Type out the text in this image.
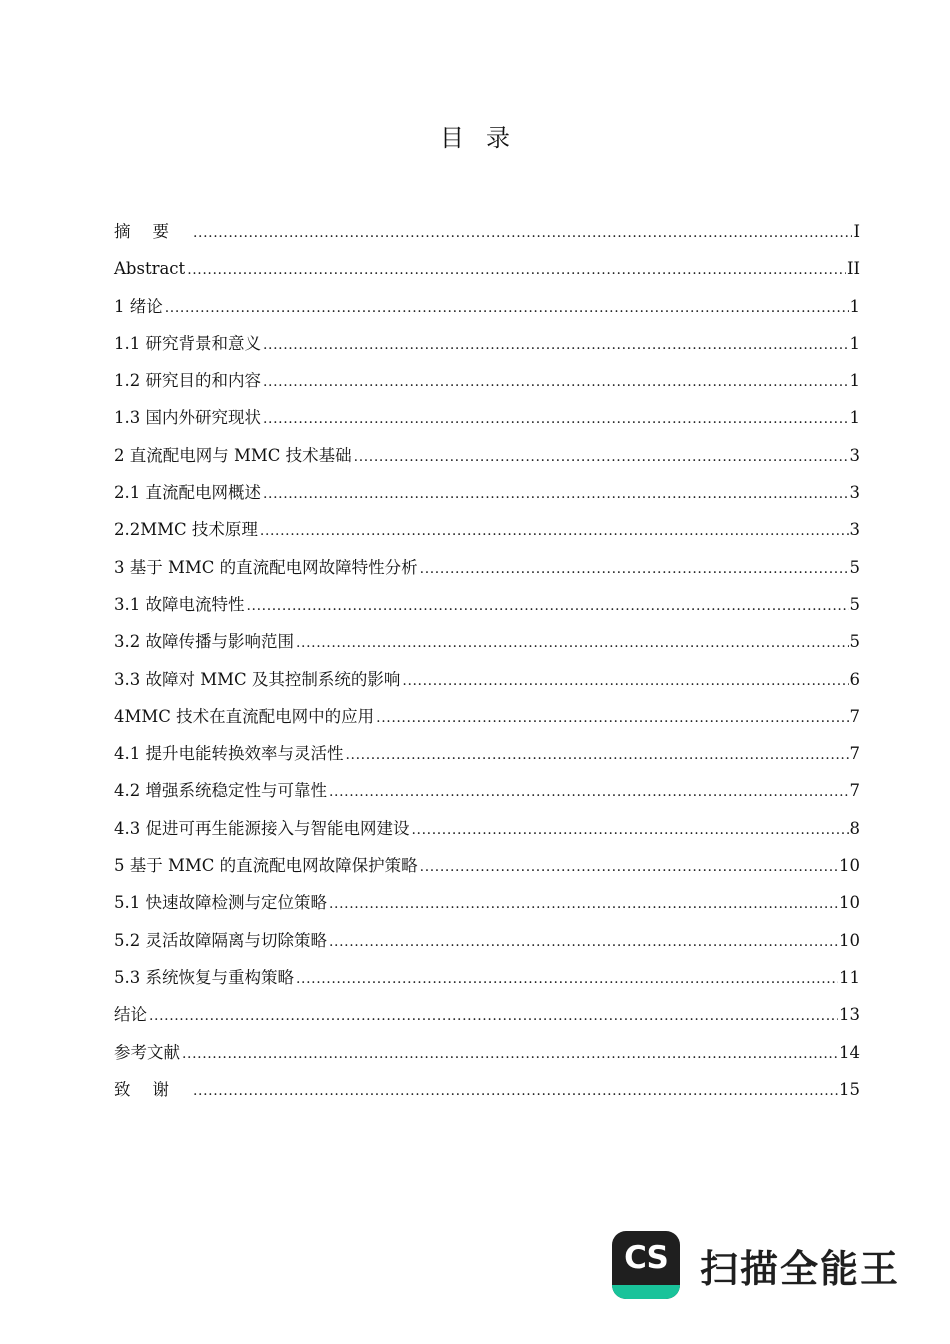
目录
摘要 .....	I
Abstract .....	II
1 绪论 .....	1
1.1 研究背景和意义 .....	1
1.2 研究目的和内容 .....	1
1.3 国内外研究现状 .....	1
2 直流配电网与 MMC 技术基础 .....	3
2.1 直流配电网概述 .....	3
2.2MMC 技术原理 .....	3
3 基于 MMC 的直流配电网故障特性分析 .....	5
3.1 故障电流特性 .....	5
3.2 故障传播与影响范围 .....	5
3.3 故障对 MMC 及其控制系统的影响 .....	6
4MMC 技术在直流配电网中的应用 .....	7
4.1 提升电能转换效率与灵活性 .....	7
4.2 增强系统稳定性与可靠性 .....	7
4.3 促进可再生能源接入与智能电网建设 .....	8
5 基于 MMC 的直流配电网故障保护策略 .....	10
5.1 快速故障检测与定位策略 .....	10
5.2 灵活故障隔离与切除策略 .....	10
5.3 系统恢复与重构策略 .....	11
结论 .....	13
参考文献 .....	14
致谢 .....	15
CS 扫描全能王
